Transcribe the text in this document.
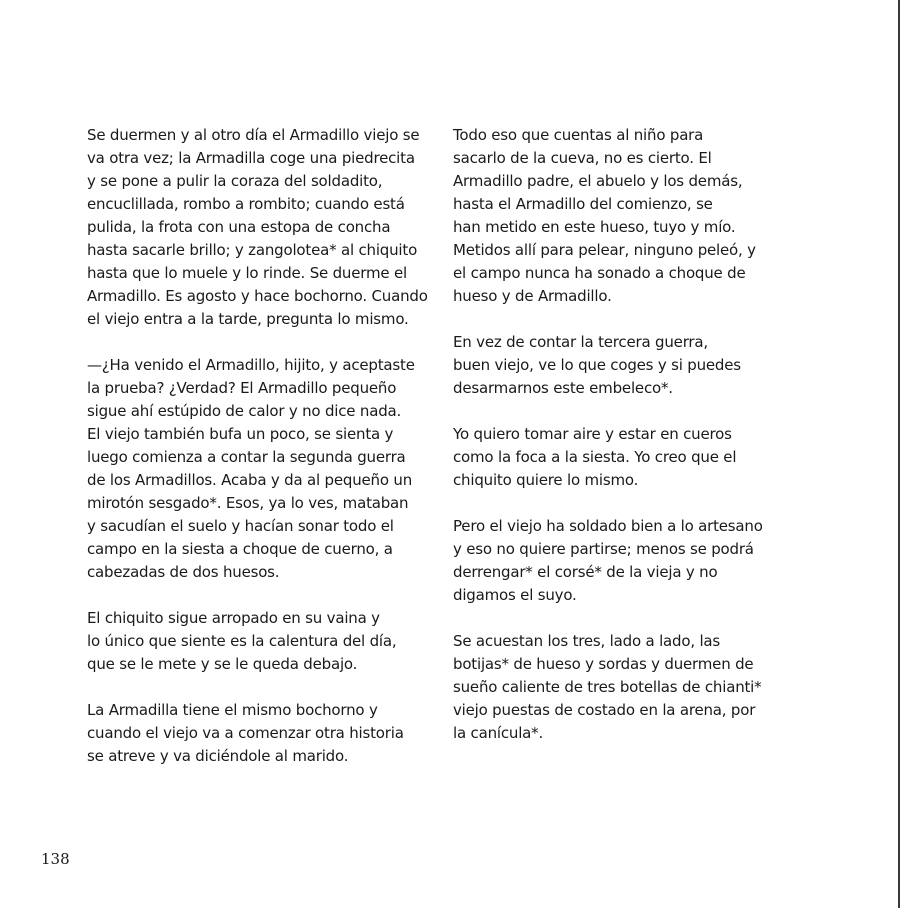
Se duermen y al otro día el Armadillo viejo se
va otra vez; la Armadilla coge una piedrecita
y se pone a pulir la coraza del soldadito,
encuclillada, rombo a rombito; cuando está
pulida, la frota con una estopa de concha
hasta sacarle brillo; y zangolotea* al chiquito
hasta que lo muele y lo rinde. Se duerme el
Armadillo. Es agosto y hace bochorno. Cuando
el viejo entra a la tarde, pregunta lo mismo.

—¿Ha venido el Armadillo, hijito, y aceptaste
la prueba? ¿Verdad? El Armadillo pequeño
sigue ahí estúpido de calor y no dice nada.
El viejo también bufa un poco, se sienta y
luego comienza a contar la segunda guerra
de los Armadillos. Acaba y da al pequeño un
mirotón sesgado*. Esos, ya lo ves, mataban
y sacudían el suelo y hacían sonar todo el
campo en la siesta a choque de cuerno, a
cabezadas de dos huesos.

El chiquito sigue arropado en su vaina y
lo único que siente es la calentura del día,
que se le mete y se le queda debajo.

La Armadilla tiene el mismo bochorno y
cuando el viejo va a comenzar otra historia
se atreve y va diciéndole al marido.

Todo eso que cuentas al niño para
sacarlo de la cueva, no es cierto. El
Armadillo padre, el abuelo y los demás,
hasta el Armadillo del comienzo, se
han metido en este hueso, tuyo y mío.
Metidos allí para pelear, ninguno peleó, y
el campo nunca ha sonado a choque de
hueso y de Armadillo.

En vez de contar la tercera guerra,
buen viejo, ve lo que coges y si puedes
desarmarnos este embeleco*.

Yo quiero tomar aire y estar en cueros
como la foca a la siesta. Yo creo que el
chiquito quiere lo mismo.

Pero el viejo ha soldado bien a lo artesano
y eso no quiere partirse; menos se podrá
derrengar* el corsé* de la vieja y no
digamos el suyo.

Se acuestan los tres, lado a lado, las
botijas* de hueso y sordas y duermen de
sueño caliente de tres botellas de chianti*
viejo puestas de costado en la arena, por
la canícula*.

138
